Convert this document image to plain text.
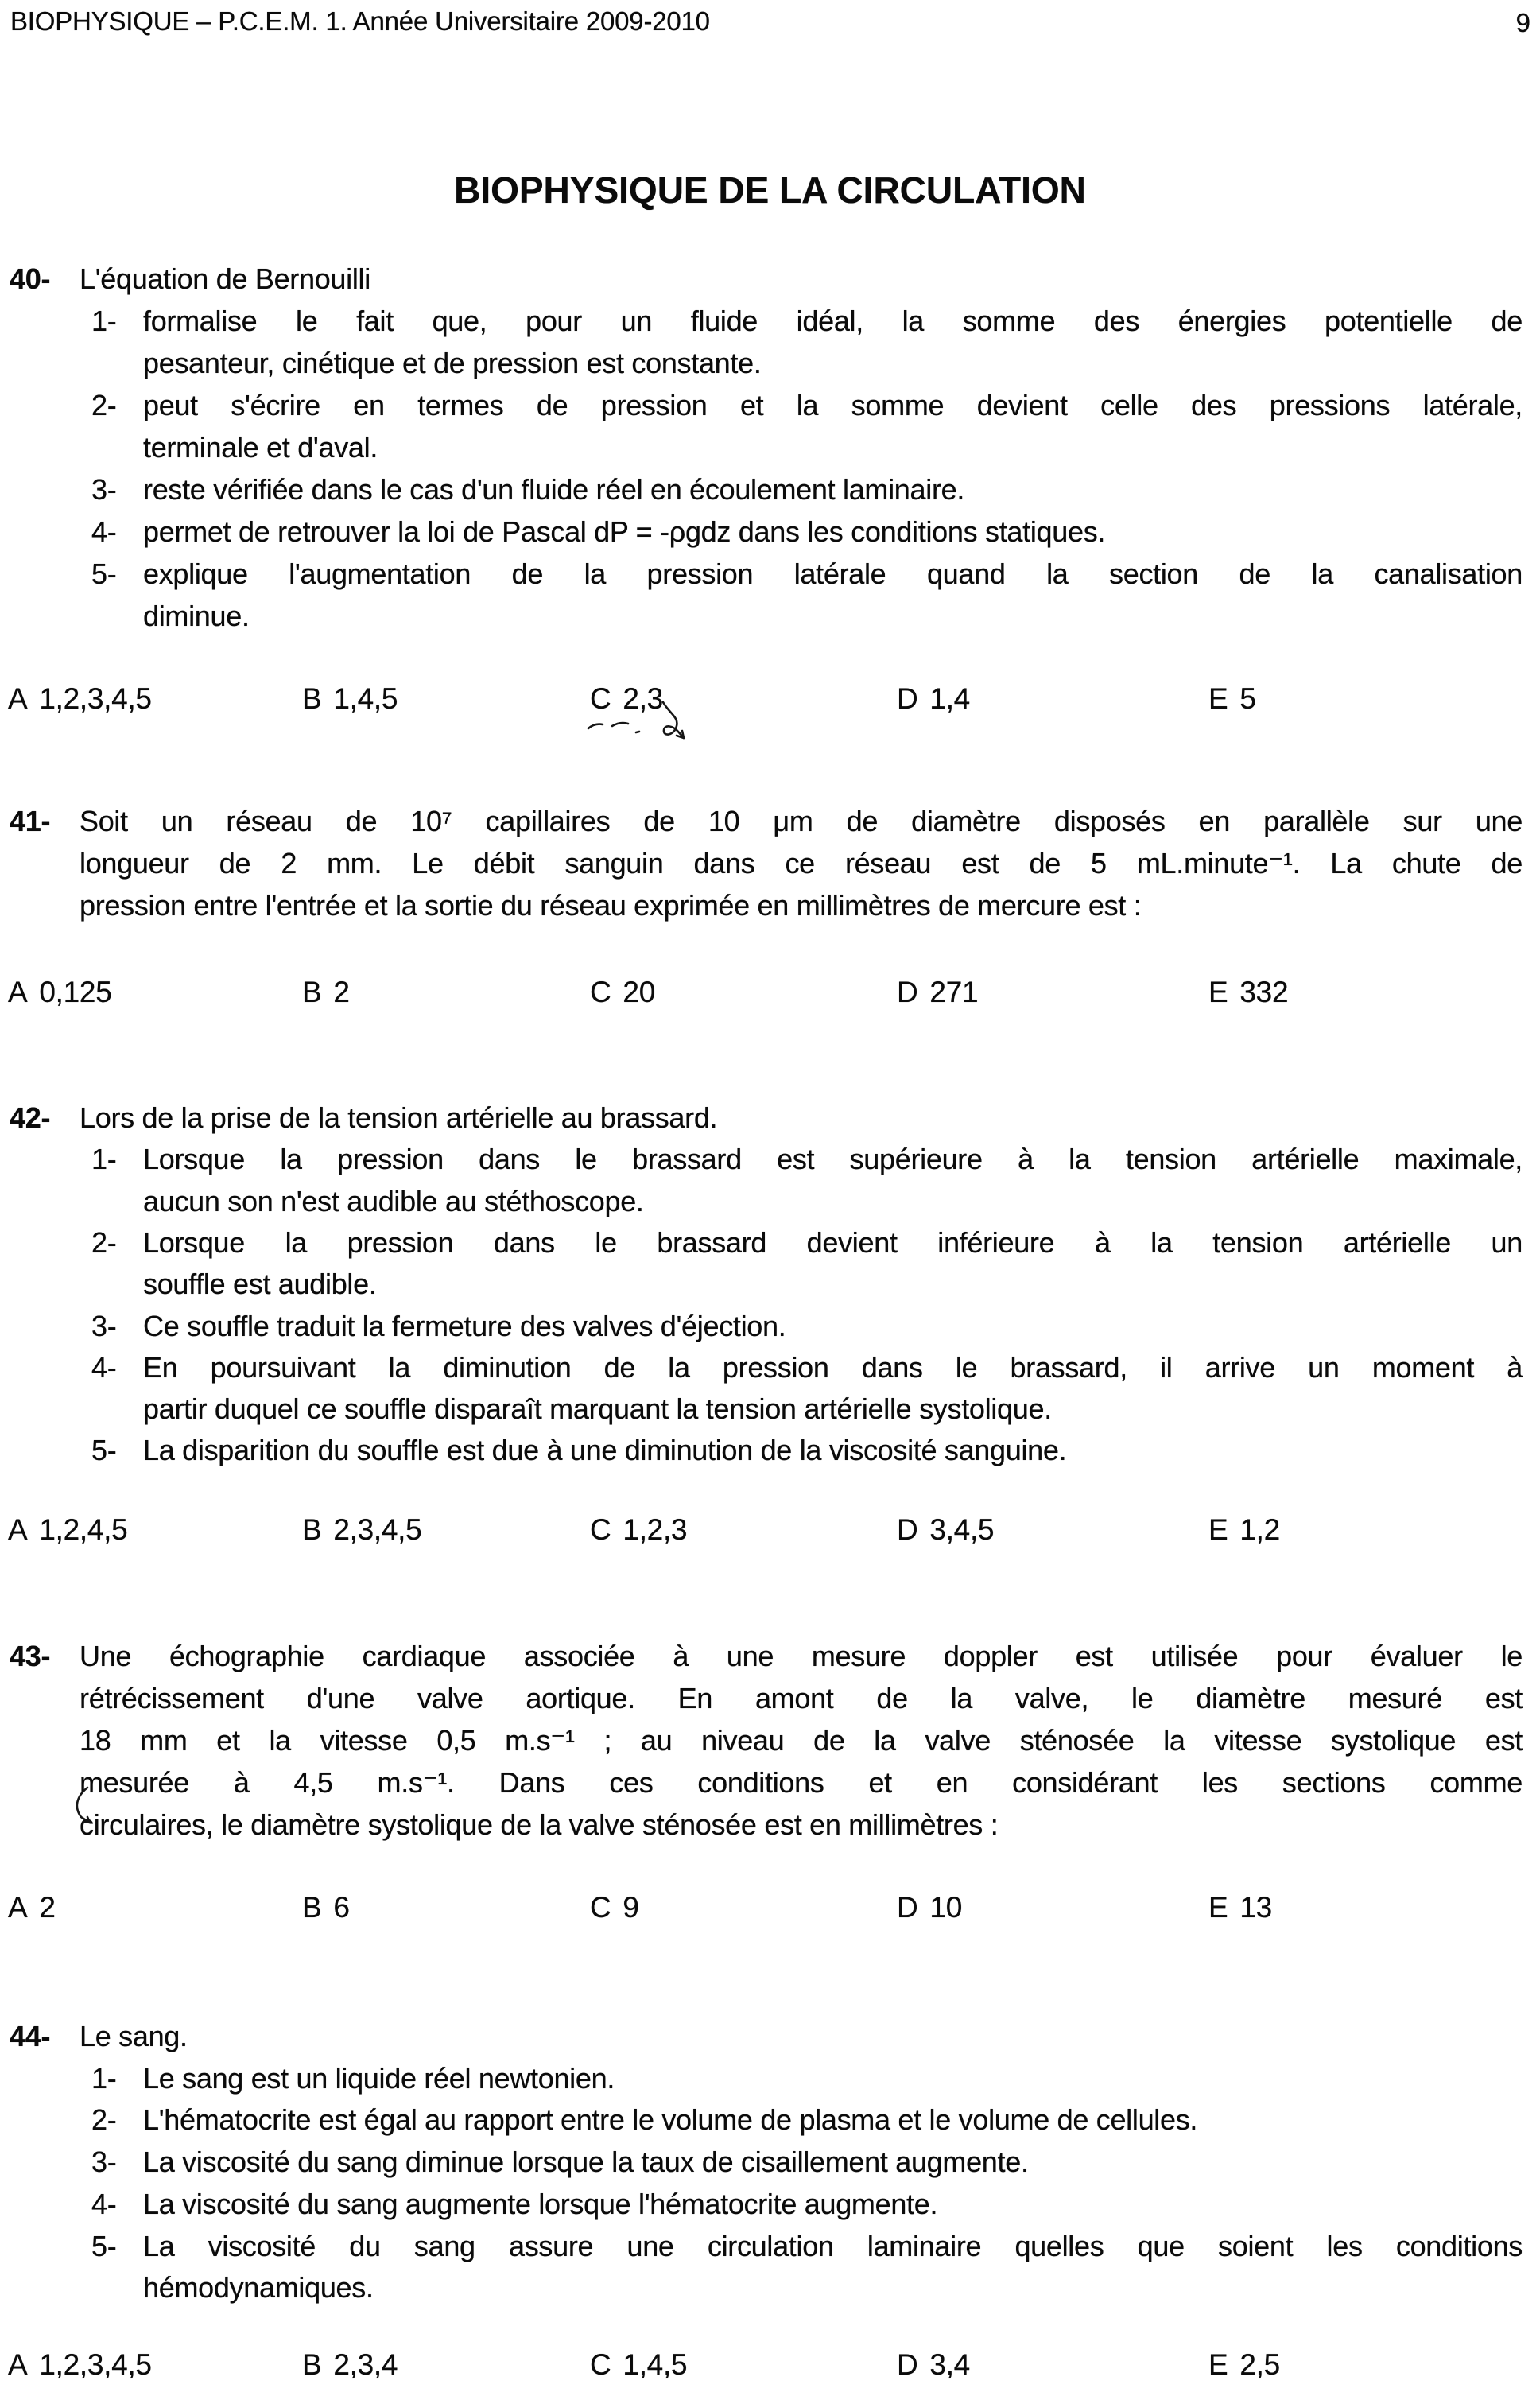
BIOPHYSIQUE – P.C.E.M. 1. Année Universitaire 2009-2010	9
BIOPHYSIQUE DE LA CIRCULATION
40- L'équation de Bernouilli
1- formalise le fait que, pour un fluide idéal, la somme des énergies potentielle de
pesanteur, cinétique et de pression est constante.
2- peut s'écrire en termes de pression et la somme devient celle des pressions latérale,
terminale et d'aval.
3- reste vérifiée dans le cas d'un fluide réel en écoulement laminaire.
4- permet de retrouver la loi de Pascal dP = -ρgdz dans les conditions statiques.
5- explique l'augmentation de la pression latérale quand la section de la canalisation
diminue.
A 1,2,3,4,5	B 1,4,5	C 2,3	D 1,4	E 5
41- Soit un réseau de 10⁷ capillaires de 10 μm de diamètre disposés en parallèle sur une
longueur de 2 mm. Le débit sanguin dans ce réseau est de 5 mL.minute⁻¹. La chute de
pression entre l'entrée et la sortie du réseau exprimée en millimètres de mercure est :
A 0,125	B 2	C 20	D 271	E 332
42- Lors de la prise de la tension artérielle au brassard.
1- Lorsque la pression dans le brassard est supérieure à la tension artérielle maximale,
aucun son n'est audible au stéthoscope.
2- Lorsque la pression dans le brassard devient inférieure à la tension artérielle un
souffle est audible.
3- Ce souffle traduit la fermeture des valves d'éjection.
4- En poursuivant la diminution de la pression dans le brassard, il arrive un moment à
partir duquel ce souffle disparaît marquant la tension artérielle systolique.
5- La disparition du souffle est due à une diminution de la viscosité sanguine.
A 1,2,4,5	B 2,3,4,5	C 1,2,3	D 3,4,5	E 1,2
43- Une échographie cardiaque associée à une mesure doppler est utilisée pour évaluer le
rétrécissement d'une valve aortique. En amont de la valve, le diamètre mesuré est
18 mm et la vitesse 0,5 m.s⁻¹ ; au niveau de la valve sténosée la vitesse systolique est
mesurée à 4,5 m.s⁻¹. Dans ces conditions et en considérant les sections comme
circulaires, le diamètre systolique de la valve sténosée est en millimètres :
A 2	B 6	C 9	D 10	E 13
44- Le sang.
1- Le sang est un liquide réel newtonien.
2- L'hématocrite est égal au rapport entre le volume de plasma et le volume de cellules.
3- La viscosité du sang diminue lorsque la taux de cisaillement augmente.
4- La viscosité du sang augmente lorsque l'hématocrite augmente.
5- La viscosité du sang assure une circulation laminaire quelles que soient les conditions
hémodynamiques.
A 1,2,3,4,5	B 2,3,4	C 1,4,5	D 3,4	E 2,5
